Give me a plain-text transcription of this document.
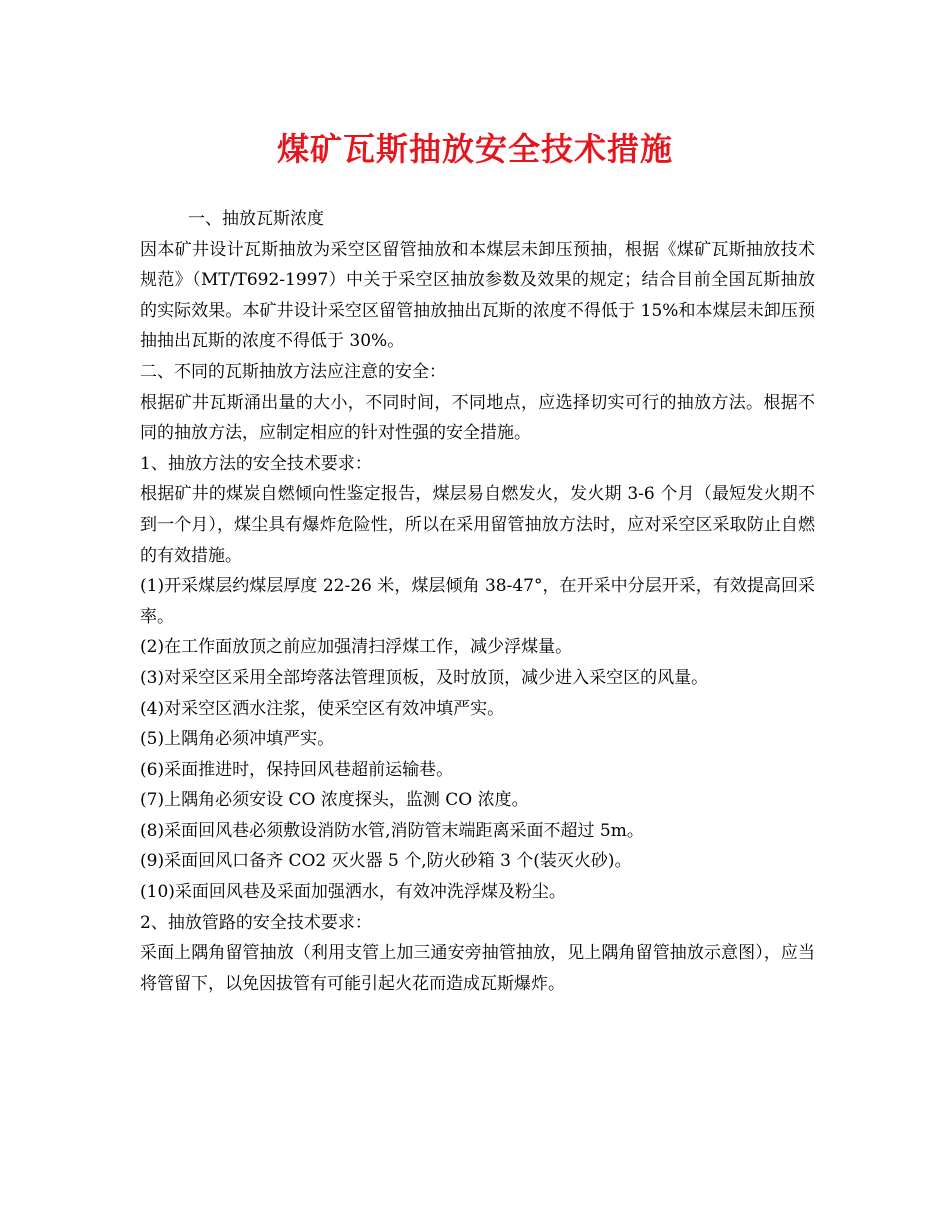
煤矿瓦斯抽放安全技术措施

一、抽放瓦斯浓度

因本矿井设计瓦斯抽放为采空区留管抽放和本煤层未卸压预抽，根据《煤矿瓦斯抽放技术规范》（MT/T692-1997）中关于采空区抽放参数及效果的规定；结合目前全国瓦斯抽放的实际效果。本矿井设计采空区留管抽放抽出瓦斯的浓度不得低于 15%和本煤层未卸压预抽抽出瓦斯的浓度不得低于 30%。

二、不同的瓦斯抽放方法应注意的安全：

根据矿井瓦斯涌出量的大小，不同时间，不同地点，应选择切实可行的抽放方法。根据不同的抽放方法，应制定相应的针对性强的安全措施。

1、抽放方法的安全技术要求：

根据矿井的煤炭自燃倾向性鉴定报告，煤层易自燃发火，发火期 3-6 个月（最短发火期不到一个月），煤尘具有爆炸危险性，所以在采用留管抽放方法时，应对采空区采取防止自燃的有效措施。

(1)开采煤层约煤层厚度 22-26 米，煤层倾角 38-47°，在开采中分层开采，有效提高回采率。

(2)在工作面放顶之前应加强清扫浮煤工作，减少浮煤量。

(3)对采空区采用全部垮落法管理顶板，及时放顶，减少进入采空区的风量。

(4)对采空区洒水注浆，使采空区有效冲填严实。

(5)上隅角必须冲填严实。

(6)采面推进时，保持回风巷超前运输巷。

(7)上隅角必须安设 CO 浓度探头，监测 CO 浓度。

(8)采面回风巷必须敷设消防水管,消防管末端距离采面不超过 5m。

(9)采面回风口备齐 CO2 灭火器 5 个,防火砂箱 3 个(装灭火砂)。

(10)采面回风巷及采面加强洒水，有效冲洗浮煤及粉尘。

2、抽放管路的安全技术要求：

采面上隅角留管抽放（利用支管上加三通安旁抽管抽放，见上隅角留管抽放示意图），应当将管留下，以免因拔管有可能引起火花而造成瓦斯爆炸。
